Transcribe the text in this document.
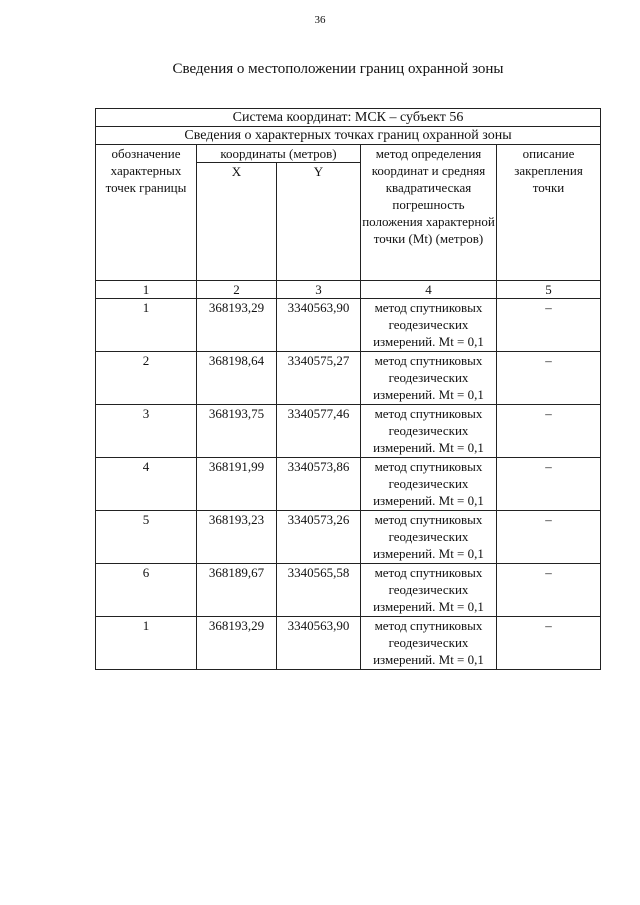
36
Сведения о местоположении границ охранной зоны
Система координат: МСК – субъект 56				
Сведения о характерных точках границ охранной зоны				
обозначение характерных точек границы	координаты (метров)		метод определения координат и средняя квадратическая погрешность положения характерной точки (Mt) (метров)	описание закрепления точки
	X	Y		
1	2	3	4	5
1	368193,29	3340563,90	метод спутниковых геодезических измерений. Mt = 0,1	–
2	368198,64	3340575,27	метод спутниковых геодезических измерений. Mt = 0,1	–
3	368193,75	3340577,46	метод спутниковых геодезических измерений. Mt = 0,1	–
4	368191,99	3340573,86	метод спутниковых геодезических измерений. Mt = 0,1	–
5	368193,23	3340573,26	метод спутниковых геодезических измерений. Mt = 0,1	–
6	368189,67	3340565,58	метод спутниковых геодезических измерений. Mt = 0,1	–
1	368193,29	3340563,90	метод спутниковых геодезических измерений. Mt = 0,1	–
